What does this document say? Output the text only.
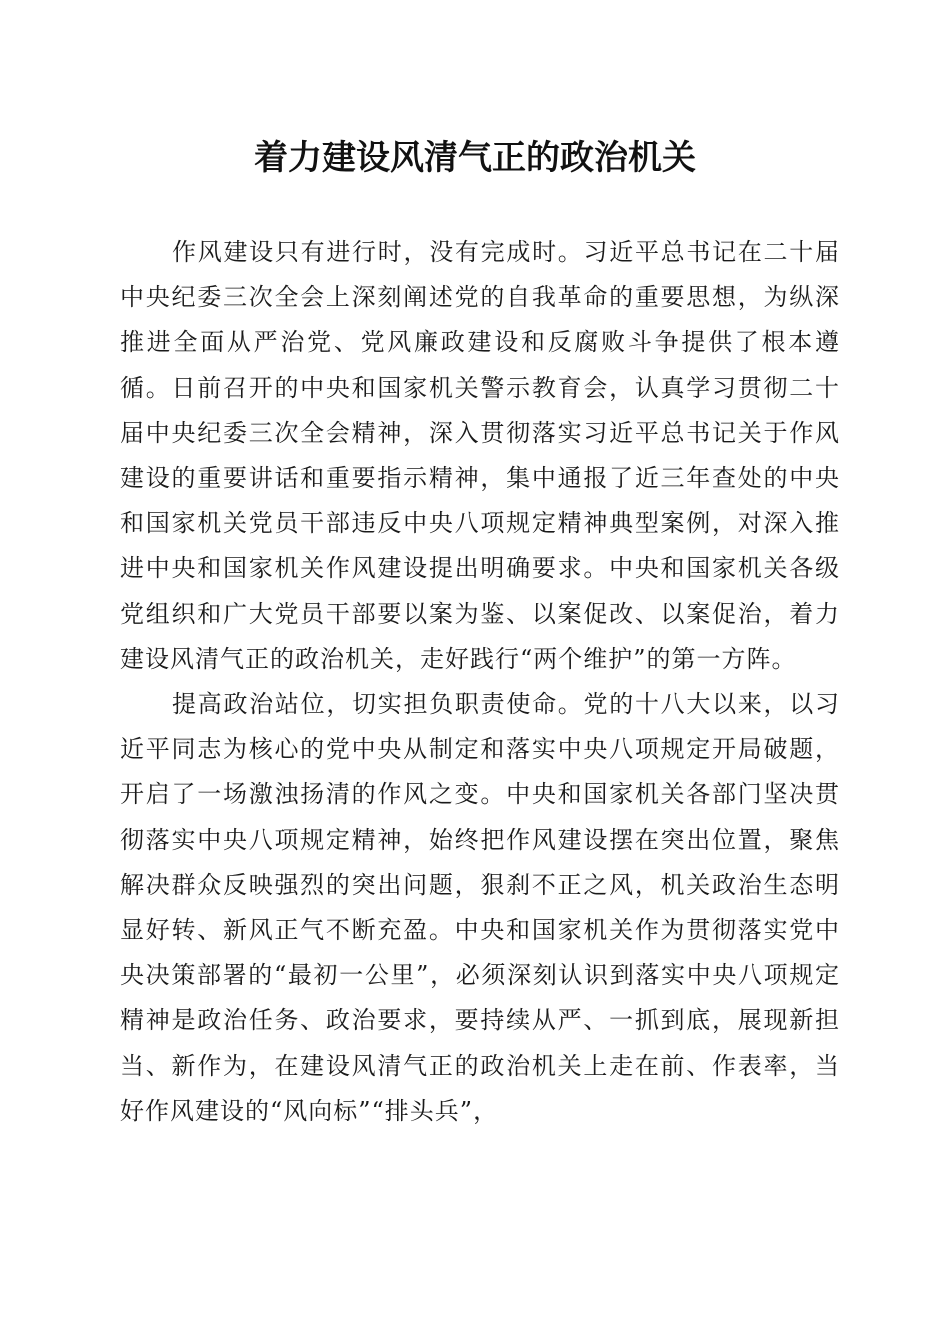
着力建设风清气正的政治机关

作风建设只有进行时，没有完成时。习近平总书记在二十届中央纪委三次全会上深刻阐述党的自我革命的重要思想，为纵深推进全面从严治党、党风廉政建设和反腐败斗争提供了根本遵循。日前召开的中央和国家机关警示教育会，认真学习贯彻二十届中央纪委三次全会精神，深入贯彻落实习近平总书记关于作风建设的重要讲话和重要指示精神，集中通报了近三年查处的中央和国家机关党员干部违反中央八项规定精神典型案例，对深入推进中央和国家机关作风建设提出明确要求。中央和国家机关各级党组织和广大党员干部要以案为鉴、以案促改、以案促治，着力建设风清气正的政治机关，走好践行“两个维护”的第一方阵。

提高政治站位，切实担负职责使命。党的十八大以来，以习近平同志为核心的党中央从制定和落实中央八项规定开局破题，开启了一场激浊扬清的作风之变。中央和国家机关各部门坚决贯彻落实中央八项规定精神，始终把作风建设摆在突出位置，聚焦解决群众反映强烈的突出问题，狠刹不正之风，机关政治生态明显好转、新风正气不断充盈。中央和国家机关作为贯彻落实党中央决策部署的“最初一公里”，必须深刻认识到落实中央八项规定精神是政治任务、政治要求，要持续从严、一抓到底，展现新担当、新作为，在建设风清气正的政治机关上走在前、作表率，当好作风建设的“风向标”“排头兵”，
